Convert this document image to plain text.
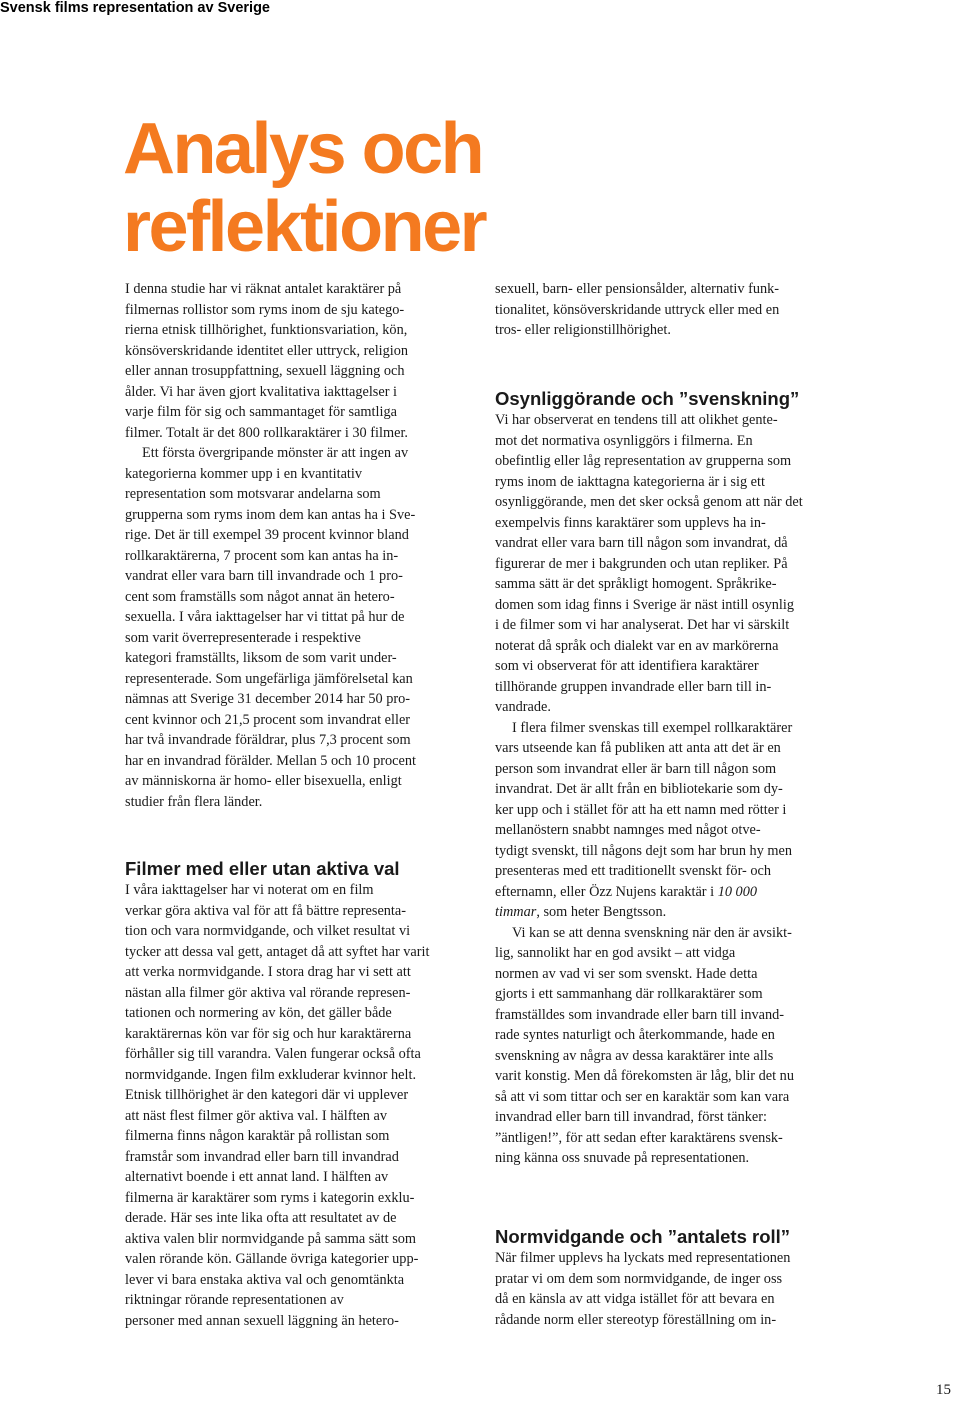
Svensk films representation av Sverige
Analys och
reflektioner
I denna studie har vi räknat antalet karaktärer på
filmernas rollistor som ryms inom de sju katego-
rierna etnisk tillhörighet, funktionsvariation, kön,
könsöverskridande identitet eller uttryck, religion
eller annan trosuppfattning, sexuell läggning och
ålder. Vi har även gjort kvalitativa iakttagelser i
varje film för sig och sammantaget för samtliga
filmer. Totalt är det 800 rollkaraktärer i 30 filmer.
Ett första övergripande mönster är att ingen av
kategorierna kommer upp i en kvantitativ
representation som motsvarar andelarna som
grupperna som ryms inom dem kan antas ha i Sve-
rige. Det är till exempel 39 procent kvinnor bland
rollkaraktärerna, 7 procent som kan antas ha in-
vandrat eller vara barn till invandrade och 1 pro-
cent som framställs som något annat än hetero-
sexuella. I våra iakttagelser har vi tittat på hur de
som varit överrepresenterade i respektive
kategori framställts, liksom de som varit under-
representerade. Som ungefärliga jämförelsetal kan
nämnas att Sverige 31 december 2014 har 50 pro-
cent kvinnor och 21,5 procent som invandrat eller
har två invandrade föräldrar, plus 7,3 procent som
har en invandrad förälder. Mellan 5 och 10 procent
av människorna är homo- eller bisexuella, enligt
studier från flera länder.
Filmer med eller utan aktiva val
I våra iakttagelser har vi noterat om en film
verkar göra aktiva val för att få bättre representa-
tion och vara normvidgande, och vilket resultat vi
tycker att dessa val gett, antaget då att syftet har varit
att verka normvidgande. I stora drag har vi sett att
nästan alla filmer gör aktiva val rörande represen-
tationen och normering av kön, det gäller både
karaktärernas kön var för sig och hur karaktärerna
förhåller sig till varandra. Valen fungerar också ofta
normvidgande. Ingen film exkluderar kvinnor helt.
Etnisk tillhörighet är den kategori där vi upplever
att näst flest filmer gör aktiva val. I hälften av
filmerna finns någon karaktär på rollistan som
framstår som invandrad eller barn till invandrad
alternativt boende i ett annat land. I hälften av
filmerna är karaktärer som ryms i kategorin exklu-
derade. Här ses inte lika ofta att resultatet av de
aktiva valen blir normvidgande på samma sätt som
valen rörande kön. Gällande övriga kategorier upp-
lever vi bara enstaka aktiva val och genomtänkta
riktningar rörande representationen av
personer med annan sexuell läggning än hetero-
sexuell, barn- eller pensionsålder, alternativ funk-
tionalitet, könsöverskridande uttryck eller med en
tros- eller religionstillhörighet.
Osynliggörande och ”svenskning”
Vi har observerat en tendens till att olikhet gente-
mot det normativa osynliggörs i filmerna. En
obefintlig eller låg representation av grupperna som
ryms inom de iakttagna kategorierna är i sig ett
osynliggörande, men det sker också genom att när det
exempelvis finns karaktärer som upplevs ha in-
vandrat eller vara barn till någon som invandrat, då
figurerar de mer i bakgrunden och utan repliker. På
samma sätt är det språkligt homogent. Språkrike-
domen som idag finns i Sverige är näst intill osynlig
i de filmer som vi har analyserat. Det har vi särskilt
noterat då språk och dialekt var en av markörerna
som vi observerat för att identifiera karaktärer
tillhörande gruppen invandrade eller barn till in-
vandrade.
I flera filmer svenskas till exempel rollkaraktärer
vars utseende kan få publiken att anta att det är en
person som invandrat eller är barn till någon som
invandrat. Det är allt från en bibliotekarie som dy-
ker upp och i stället för att ha ett namn med rötter i
mellanöstern snabbt namnges med något otve-
tydigt svenskt, till någons dejt som har brun hy men
presenteras med ett traditionellt svenskt för- och
efternamn, eller Özz Nujens karaktär i 10 000
timmar, som heter Bengtsson.
Vi kan se att denna svenskning när den är avsikt-
lig, sannolikt har en god avsikt – att vidga
normen av vad vi ser som svenskt. Hade detta
gjorts i ett sammanhang där rollkaraktärer som
framställdes som invandrade eller barn till invand-
rade syntes naturligt och återkommande, hade en
svenskning av några av dessa karaktärer inte alls
varit konstig. Men då förekomsten är låg, blir det nu
så att vi som tittar och ser en karaktär som kan vara
invandrad eller barn till invandrad, först tänker:
”äntligen!”, för att sedan efter karaktärens svensk-
ning känna oss snuvade på representationen.
Normvidgande och ”antalets roll”
När filmer upplevs ha lyckats med representationen
pratar vi om dem som normvidgande, de inger oss
då en känsla av att vidga istället för att bevara en
rådande norm eller stereotyp föreställning om in-
15
